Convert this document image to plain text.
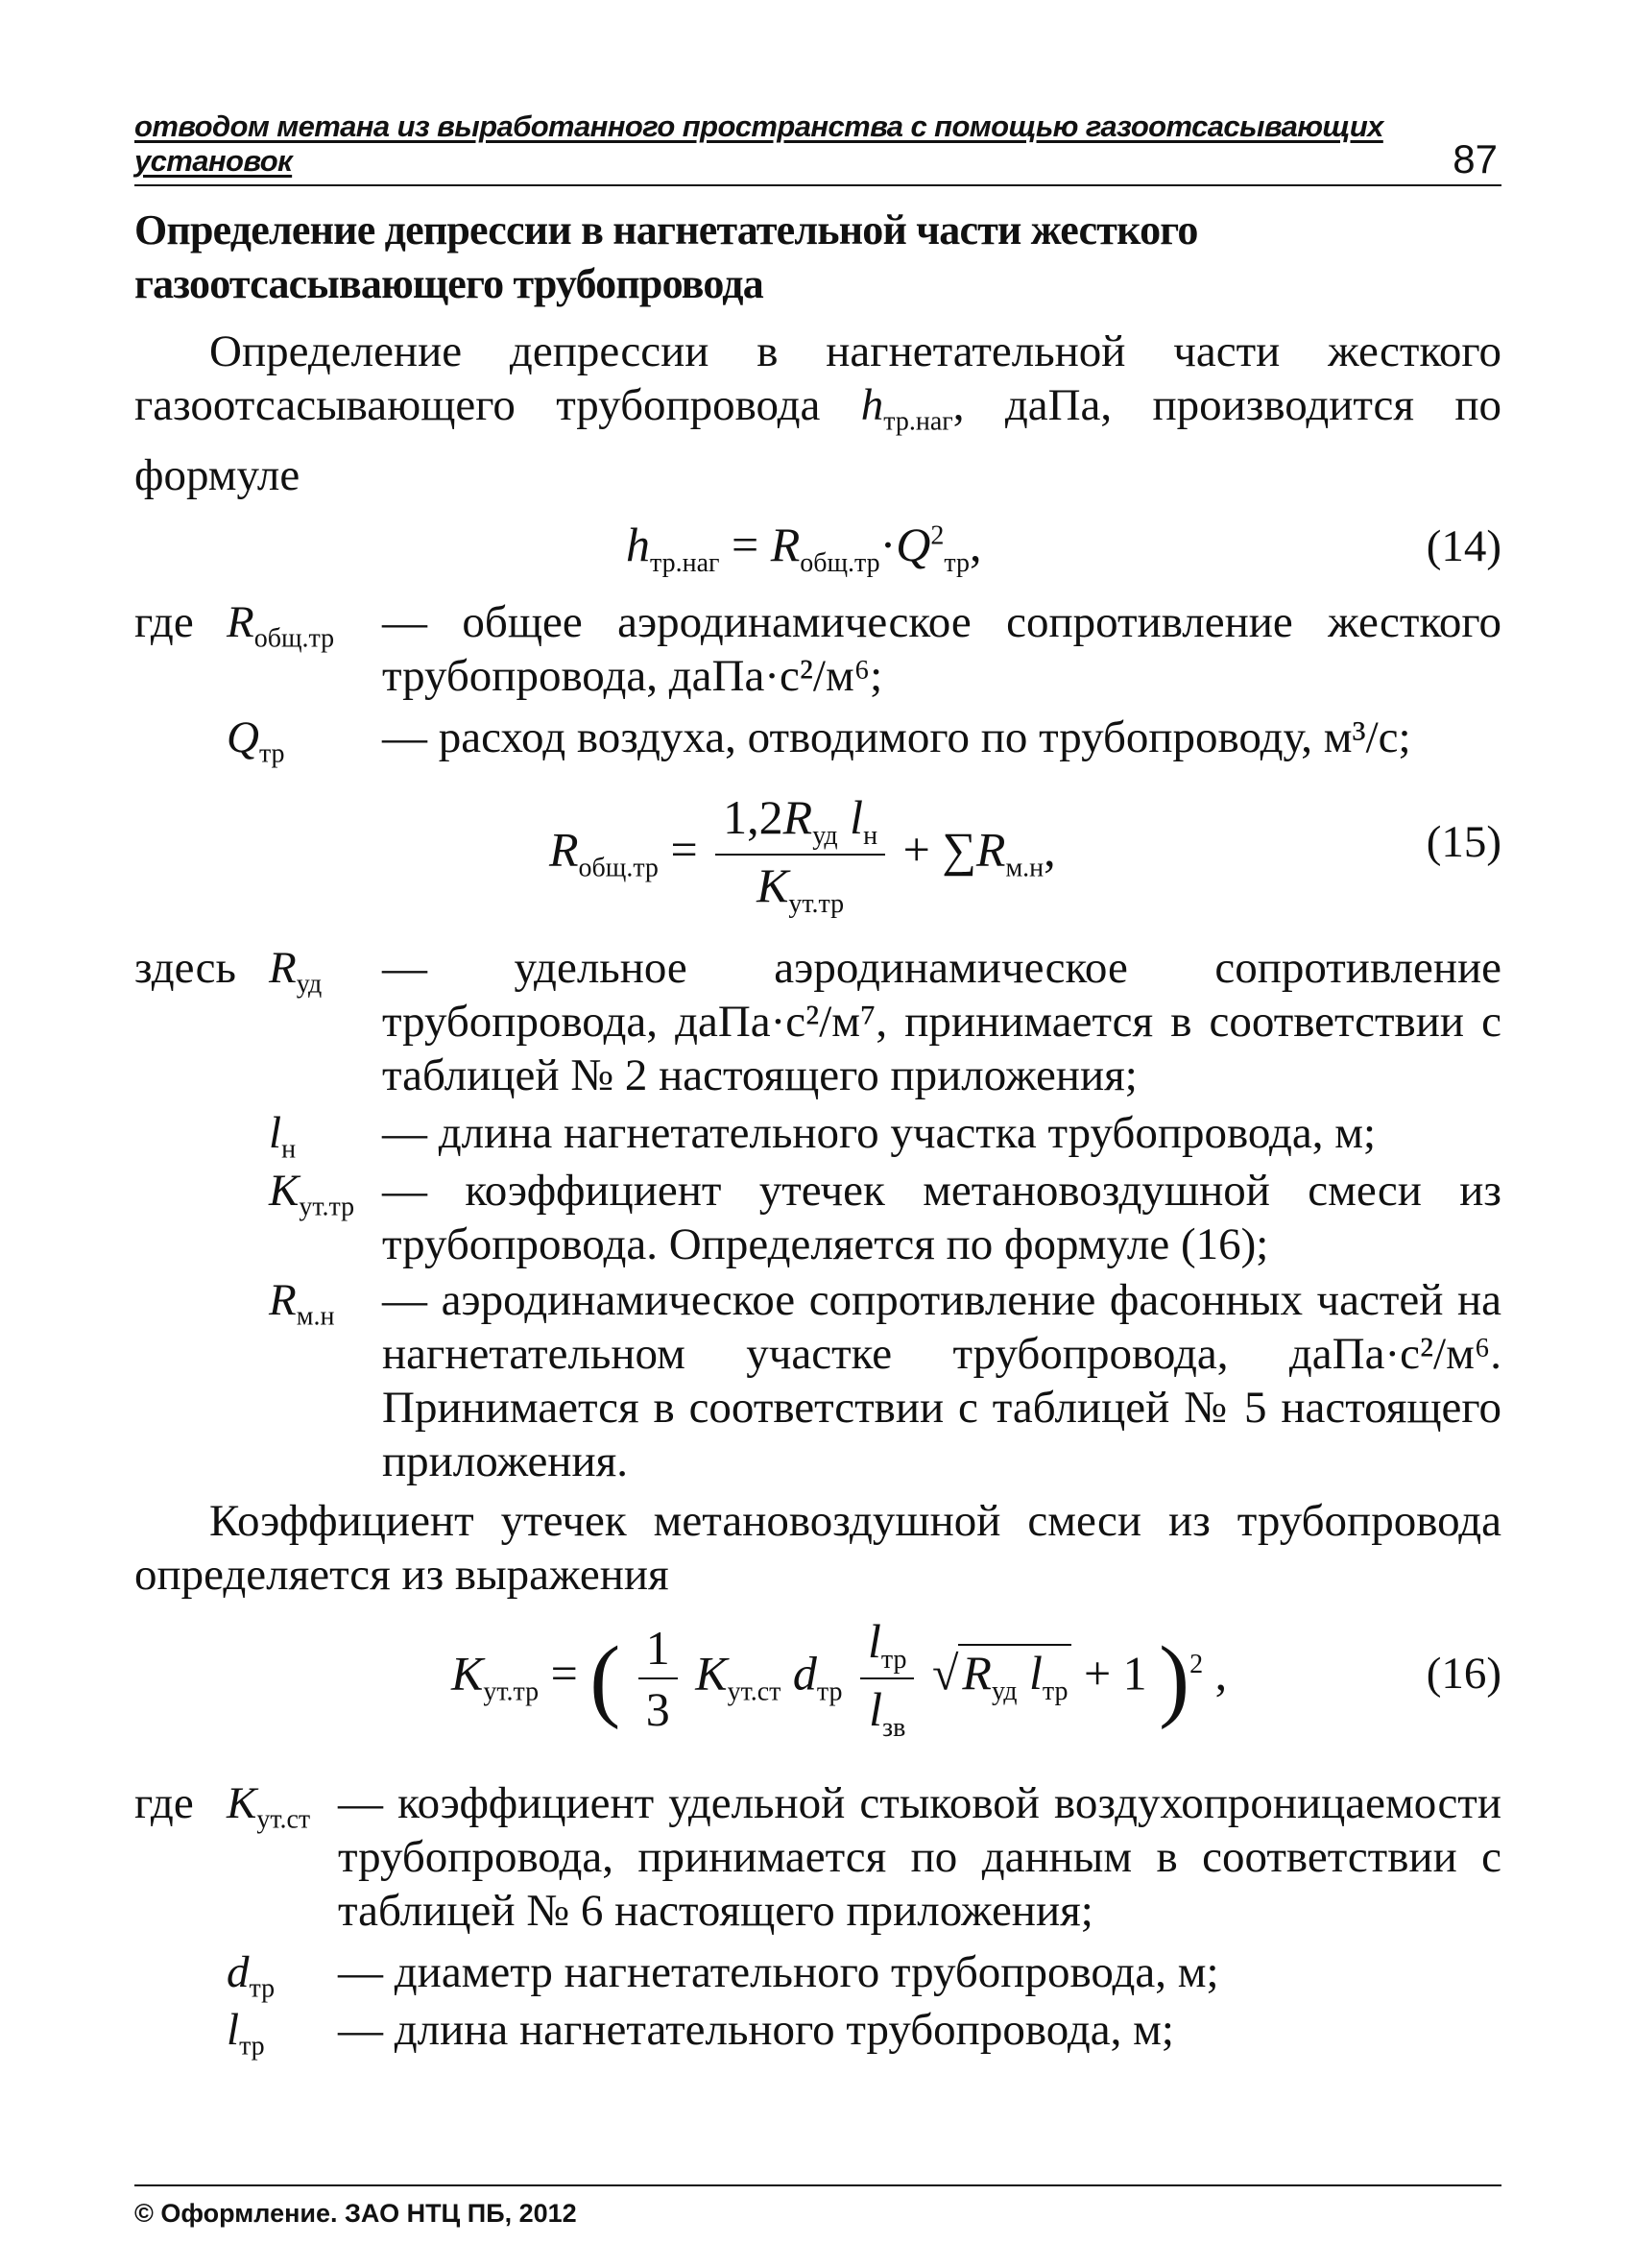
отводом метана из выработанного пространства с помощью газоотсасывающих установок	87
Определение депрессии в нагнетательной части жесткого газоотсасывающего трубопровода
Определение депрессии в нагнетательной части жесткого газоотсасывающего трубопровода $h_{тр.наг}$, даПа, производится по формуле
$h_{тр.наг} = R_{общ.тр}\cdot Q^2_{тр}$,	(14)
где $R_{общ.тр}$ — общее аэродинамическое сопротивление жесткого трубопровода, даПа·с²/м⁶;
$Q_{тр}$ — расход воздуха, отводимого по трубопроводу, м³/с;
$R_{общ.тр} = \frac{1,2R_{уд} l_н}{K_{ут.тр}} + \sum R_{м.н}$,	(15)
здесь $R_{уд}$ — удельное аэродинамическое сопротивление трубопровода, даПа·с²/м⁷, принимается в соответствии с таблицей № 2 настоящего приложения;
$l_н$ — длина нагнетательного участка трубопровода, м;
$K_{ут.тр}$ — коэффициент утечек метановоздушной смеси из трубопровода. Определяется по формуле (16);
$R_{м.н}$ — аэродинамическое сопротивление фасонных частей на нагнетательном участке трубопровода, даПа·с²/м⁶. Принимается в соответствии с таблицей № 5 настоящего приложения.
Коэффициент утечек метановоздушной смеси из трубопровода определяется из выражения
$K_{ут.тр}$ = ( $\frac{1}{3} K_{ут.ст}$ $d_{тр} \frac{l_{тр}}{l_{зв}} √R_{уд}$ $l_{тр} + 1$ )$^2$ ,	(16)
где $K_{ут.ст}$ — коэффициент удельной стыковой воздухопроницаемости трубопровода, принимается по данным в соответствии с таблицей № 6 настоящего приложения;
$d_{тр}$ — диаметр нагнетательного трубопровода, м;
$l_{тр}$ — длина нагнетательного трубопровода, м;
© Оформление. ЗАО НТЦ ПБ, 2012
